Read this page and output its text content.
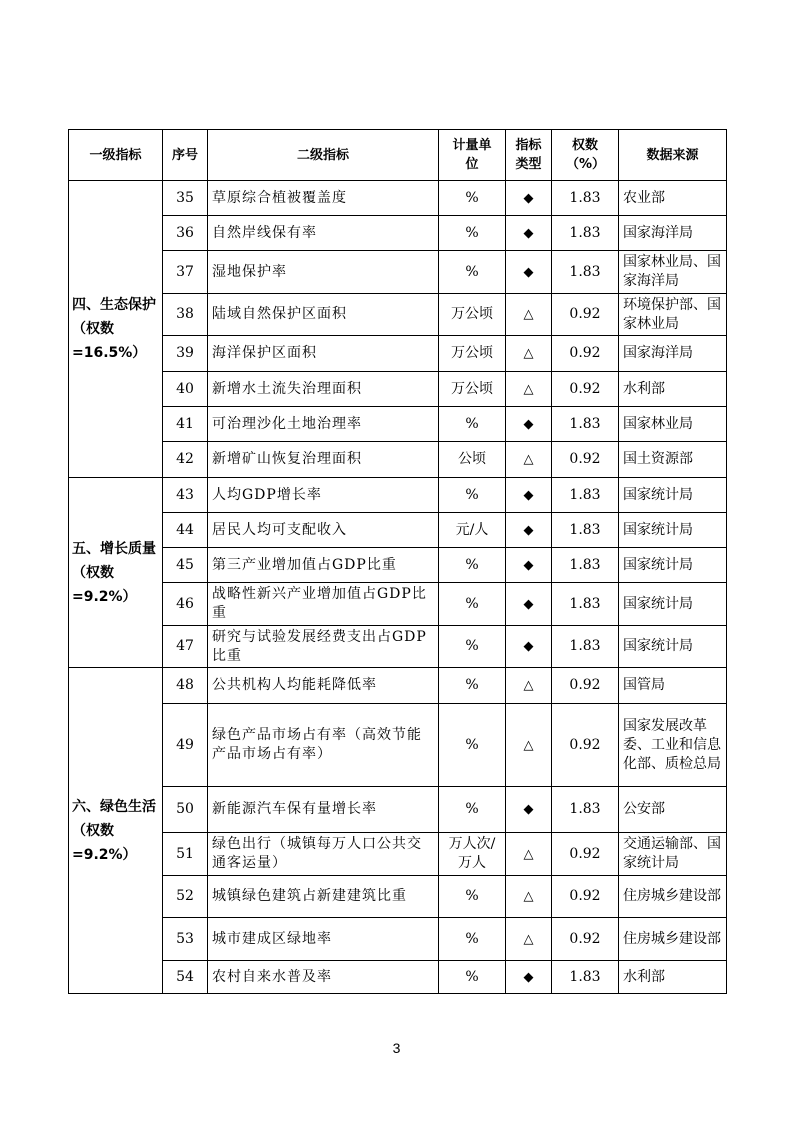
一级指标	序号	二级指标	计量单位	指标类型	权数（%）	数据来源
四、生态保护（权数=16.5%）	35	草原综合植被覆盖度	%	◆	1.83	农业部
	36	自然岸线保有率	%	◆	1.83	国家海洋局
	37	湿地保护率	%	◆	1.83	国家林业局、国家海洋局
	38	陆域自然保护区面积	万公顷	△	0.92	环境保护部、国家林业局
	39	海洋保护区面积	万公顷	△	0.92	国家海洋局
	40	新增水土流失治理面积	万公顷	△	0.92	水利部
	41	可治理沙化土地治理率	%	◆	1.83	国家林业局
	42	新增矿山恢复治理面积	公顷	△	0.92	国土资源部
五、增长质量（权数=9.2%）	43	人均GDP增长率	%	◆	1.83	国家统计局
	44	居民人均可支配收入	元/人	◆	1.83	国家统计局
	45	第三产业增加值占GDP比重	%	◆	1.83	国家统计局
	46	战略性新兴产业增加值占GDP比重	%	◆	1.83	国家统计局
	47	研究与试验发展经费支出占GDP比重	%	◆	1.83	国家统计局
六、绿色生活（权数=9.2%）	48	公共机构人均能耗降低率	%	△	0.92	国管局
	49	绿色产品市场占有率（高效节能产品市场占有率）	%	△	0.92	国家发展改革委、工业和信息化部、质检总局
	50	新能源汽车保有量增长率	%	◆	1.83	公安部
	51	绿色出行（城镇每万人口公共交通客运量）	万人次/万人	△	0.92	交通运输部、国家统计局
	52	城镇绿色建筑占新建建筑比重	%	△	0.92	住房城乡建设部
	53	城市建成区绿地率	%	△	0.92	住房城乡建设部
	54	农村自来水普及率	%	◆	1.83	水利部
3
